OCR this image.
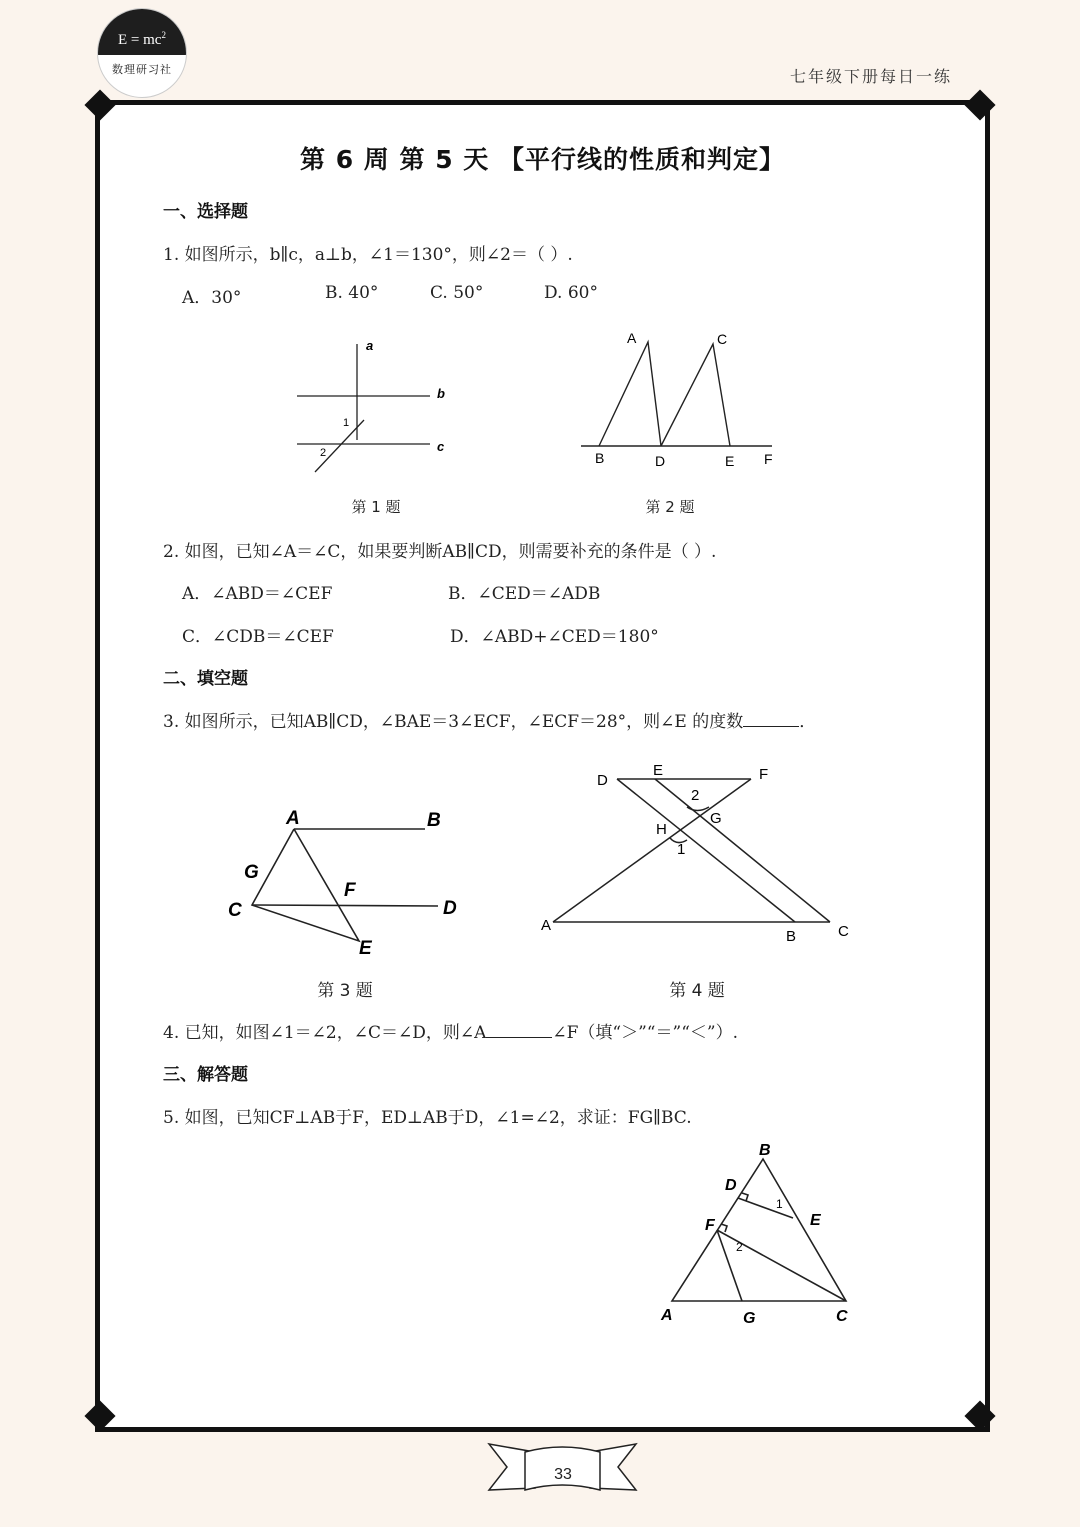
$E = mc^2$
数理研习社	七年级下册每日一练
第 6 周 第 5 天 【平行线的性质和判定】
一、选择题
1. 如图所示，b∥c，a⊥b，∠1＝130°，则∠2＝（ ）.
A．30°	B. 40°	C. 50°	D. 60°
a
b
c
1
2
A	C
B	D	E F
第 1 题	第 2 题
2. 如图，已知∠A＝∠C，如果要判断AB∥CD，则需要补充的条件是（ ）.
A．∠ABD＝∠CEF	B．∠CED＝∠ADB
C．∠CDB＝∠CEF	D．∠ABD+∠CED＝180°
二、填空题
3. 如图所示，已知AB∥CD，∠BAE＝3∠ECF，∠ECF＝28°，则∠E 的度数	．
A	B
G
C
F
D
E
D
E	F
2
G
H
1
A
B	C
第 3 题	第 4 题
4. 已知，如图∠1＝∠2，∠C＝∠D，则∠A	∠F（填“＞”“＝”“＜”）.
三、解答题
5. 如图，已知CF⊥AB于F，ED⊥AB于D，∠1=∠2，求证：FG∥BC.
B
D
E
F
A	G	C
1
2
33
